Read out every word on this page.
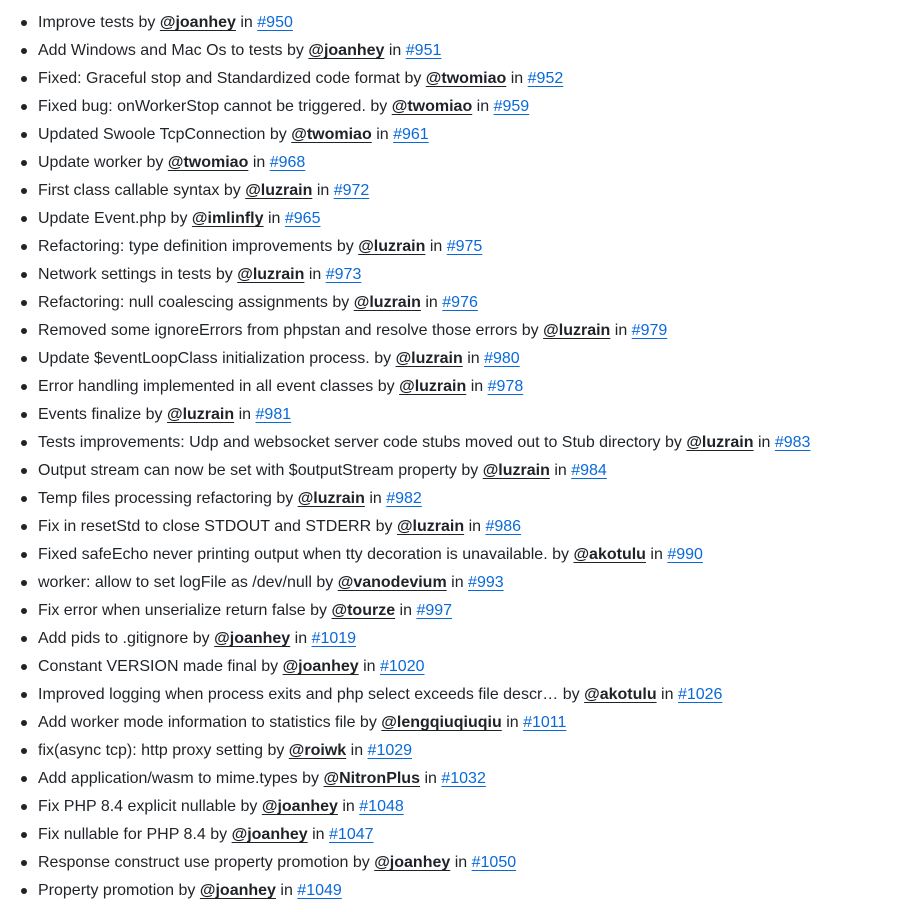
Improve tests by @joanhey in #950
Add Windows and Mac Os to tests by @joanhey in #951
Fixed: Graceful stop and Standardized code format by @twomiao in #952
Fixed bug: onWorkerStop cannot be triggered. by @twomiao in #959
Updated Swoole TcpConnection by @twomiao in #961
Update worker by @twomiao in #968
First class callable syntax by @luzrain in #972
Update Event.php by @imlinfly in #965
Refactoring: type definition improvements by @luzrain in #975
Network settings in tests by @luzrain in #973
Refactoring: null coalescing assignments by @luzrain in #976
Removed some ignoreErrors from phpstan and resolve those errors by @luzrain in #979
Update $eventLoopClass initialization process. by @luzrain in #980
Error handling implemented in all event classes by @luzrain in #978
Events finalize by @luzrain in #981
Tests improvements: Udp and websocket server code stubs moved out to Stub directory by @luzrain in #983
Output stream can now be set with $outputStream property by @luzrain in #984
Temp files processing refactoring by @luzrain in #982
Fix in resetStd to close STDOUT and STDERR by @luzrain in #986
Fixed safeEcho never printing output when tty decoration is unavailable. by @akotulu in #990
worker: allow to set logFile as /dev/null by @vanodevium in #993
Fix error when unserialize return false by @tourze in #997
Add pids to .gitignore by @joanhey in #1019
Constant VERSION made final by @joanhey in #1020
Improved logging when process exits and php select exceeds file descr… by @akotulu in #1026
Add worker mode information to statistics file by @lengqiuqiuqiu in #1011
fix(async tcp): http proxy setting by @roiwk in #1029
Add application/wasm to mime.types by @NitronPlus in #1032
Fix PHP 8.4 explicit nullable by @joanhey in #1048
Fix nullable for PHP 8.4 by @joanhey in #1047
Response construct use property promotion by @joanhey in #1050
Property promotion by @joanhey in #1049
